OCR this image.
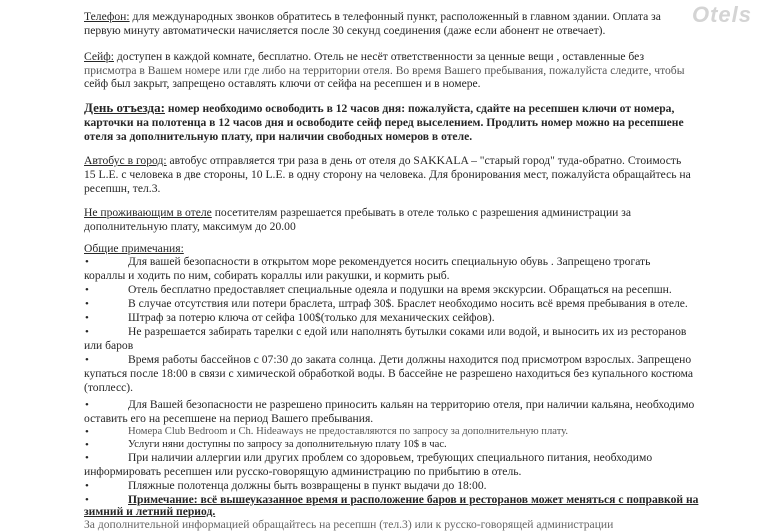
Otels
Телефон: для международных звонков обратитесь в телефонный пункт, расположенный в главном здании. Оплата за
первую минуту автоматически начисляется после 30 секунд соединения (даже если абонент не отвечает).
Сейф: доступен в каждой комнате, бесплатно. Отель не несёт ответственности за ценные вещи , оставленные без
присмотра в Вашем номере или где либо на территории отеля. Во время Вашего пребывания, пожалуйста следите, чтобы
сейф был закрыт, запрещено оставлять ключи от сейфа на ресепшен и в номере.
День отъезда: номер необходимо освободить в 12 часов дня: пожалуйста, сдайте на ресепшен ключи от номера,
карточки на полотенца в 12 часов дня и освободите сейф перед выселением. Продлить номер можно на ресепшене
отеля за дополнительную плату, при наличии свободных номеров в отеле.
Автобус в город: автобус отправляется три раза в день от отеля до SAKKALA – "старый город" туда-обратно. Стоимость
15 L.E. с человека в две стороны, 10 L.E. в одну сторону на человека. Для бронирования мест, пожалуйста обращайтесь на
ресепшн, тел.3.
Не проживающим в отеле посетителям разрешается пребывать в отеле только с разрешения администрации за
дополнительную плату, максимум до 20.00
Общие примечания:
•	Для вашей безопасности в открытом море рекомендуется носить специальную обувь . Запрещено трогать
кораллы и ходить по ним, собирать кораллы или ракушки, и кормить рыб.
•	Отель бесплатно предоставляет специальные одеяла и подушки на время экскурсии. Обращаться на ресепшн.
•	В случае отсутствия или потери браслета, штраф 30$. Браслет необходимо носить всё время пребывания в отеле.
•	Штраф за потерю ключа от сейфа 100$(только для механических сейфов).
•	Не разрешается забирать тарелки с едой или наполнять бутылки соками или водой, и выносить их из ресторанов
или баров
•	Время работы бассейнов с 07:30 до заката солнца. Дети должны находится под присмотром взрослых. Запрещено
купаться после 18:00 в связи с химической обработкой воды. В бассейне не разрешено находиться без купального костюма
(топлесс).
•	Для Вашей безопасности не разрешено приносить кальян на территорию отеля, при наличии кальяна, необходимо
оставить его на ресепшене на период Вашего пребывания.
•	Номера Club Bedroom и Ch. Hideaways не предоставляются по запросу за дополнительную плату.
•	Услуги няни доступны по запросу за дополнительную плату 10$ в час.
•	При наличии аллергии или других проблем со здоровьем, требующих специального питания, необходимо
информировать ресепшен или русско-говорящую администрацию по прибытию в отель.
•	Пляжные полотенца должны быть возвращены в пункт выдачи до 18:00.
•	Примечание: всё вышеуказанное время и расположение баров и ресторанов может меняться с поправкой на
зимний и летний период.
За дополнительной информацией обращайтесь на ресепшн (тел.3) или к русско-говорящей администрации
